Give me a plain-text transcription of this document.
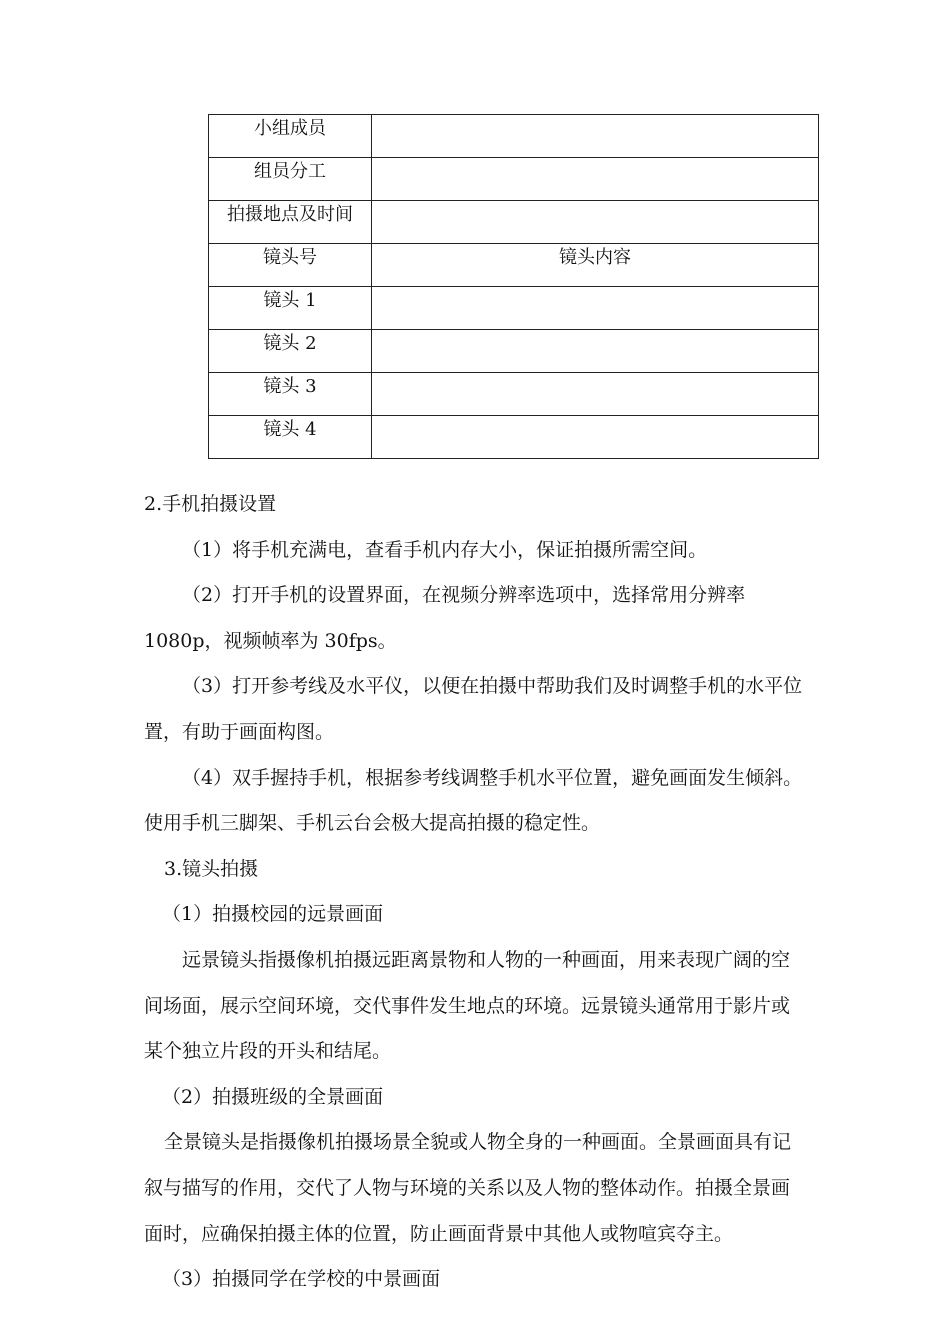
小组成员	
组员分工	
拍摄地点及时间	
镜头号	镜头内容
镜头 1	
镜头 2	
镜头 3	
镜头 4	

2.手机拍摄设置

（1）将手机充满电，查看手机内存大小，保证拍摄所需空间。

（2）打开手机的设置界面，在视频分辨率选项中，选择常用分辨率

1080p，视频帧率为 30fps。

（3）打开参考线及水平仪，以便在拍摄中帮助我们及时调整手机的水平位

置，有助于画面构图。

（4）双手握持手机，根据参考线调整手机水平位置，避免画面发生倾斜。

使用手机三脚架、手机云台会极大提高拍摄的稳定性。

3.镜头拍摄

（1）拍摄校园的远景画面

远景镜头指摄像机拍摄远距离景物和人物的一种画面，用来表现广阔的空

间场面，展示空间环境，交代事件发生地点的环境。远景镜头通常用于影片或

某个独立片段的开头和结尾。

（2）拍摄班级的全景画面

全景镜头是指摄像机拍摄场景全貌或人物全身的一种画面。全景画面具有记

叙与描写的作用，交代了人物与环境的关系以及人物的整体动作。拍摄全景画

面时，应确保拍摄主体的位置，防止画面背景中其他人或物喧宾夺主。

（3）拍摄同学在学校的中景画面
